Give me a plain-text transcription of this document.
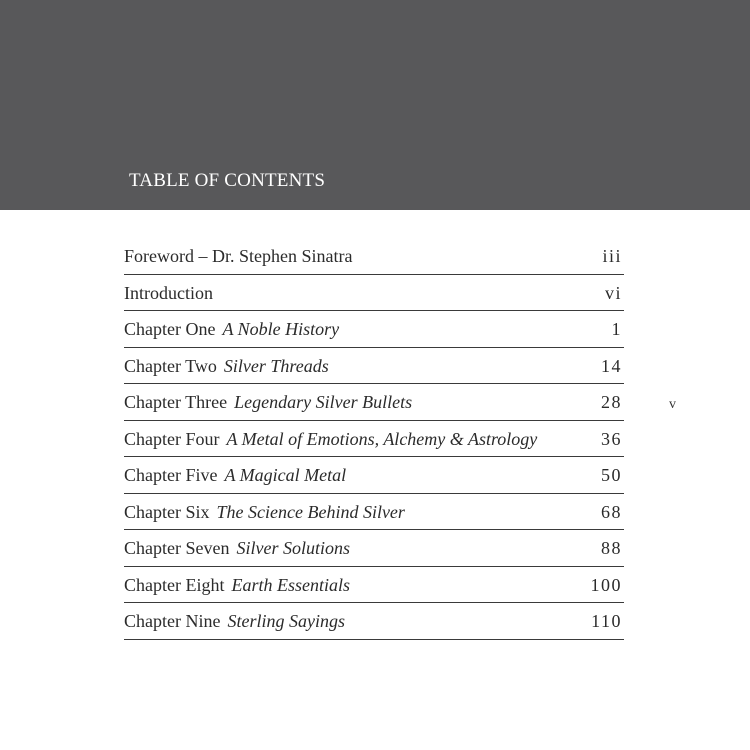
TABLE OF CONTENTS
Foreword – Dr. Stephen Sinatra	iii
Introduction	vi
Chapter One A Noble History	1
Chapter Two Silver Threads	14
Chapter Three Legendary Silver Bullets	28
Chapter Four A Metal of Emotions, Alchemy & Astrology	36
Chapter Five A Magical Metal	50
Chapter Six The Science Behind Silver	68
Chapter Seven Silver Solutions	88
Chapter Eight Earth Essentials	100
Chapter Nine Sterling Sayings	110
v
